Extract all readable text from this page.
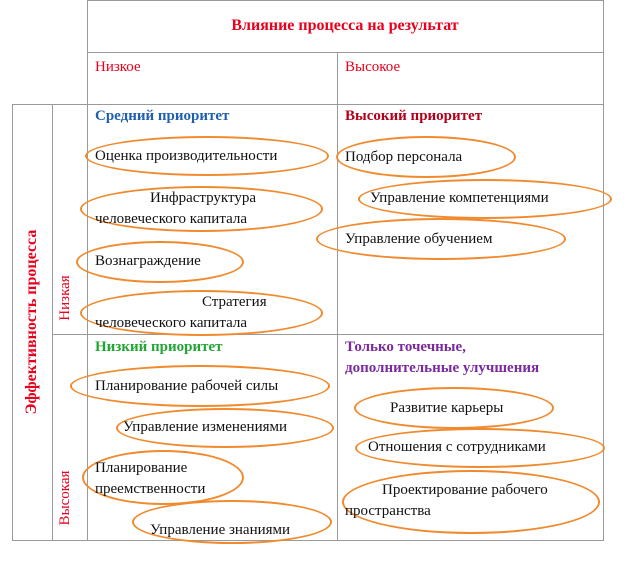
Влияние процесса на результат
Низкое	Высокое
Эффективность процесса Низкая
Высокая
Средний приоритет
Оценка производительности
Инфраструктура
человеческого капитала
Вознаграждение
Стратегия
человеческого капитала
Высокий приоритет
Подбор персонала
Управление компетенциями
Управление обучением
Низкий приоритет
Планирование рабочей силы
Управление изменениями
Планирование
преемственности
Управление знаниями
Только точечные,
дополнительные улучшения
Развитие карьеры
Отношения с сотрудниками
Проектирование рабочего
пространства
